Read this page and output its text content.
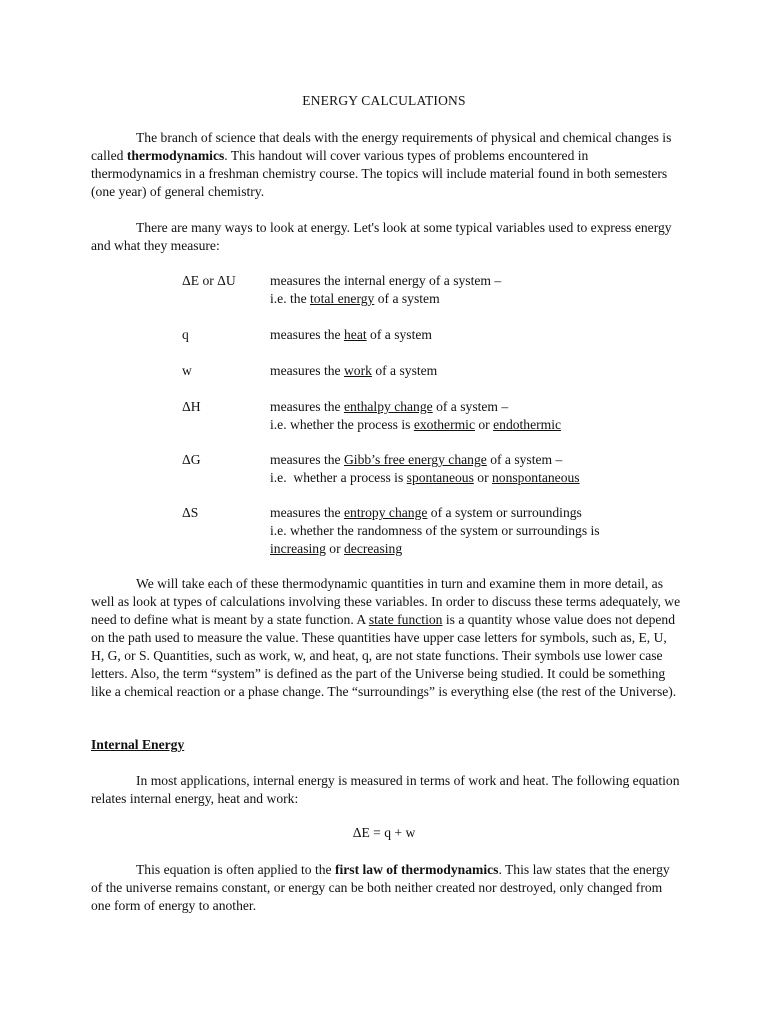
ENERGY CALCULATIONS

The branch of science that deals with the energy requirements of physical and chemical changes is called thermodynamics. This handout will cover various types of problems encountered in thermodynamics in a freshman chemistry course. The topics will include material found in both semesters (one year) of general chemistry.

There are many ways to look at energy. Let's look at some typical variables used to express energy and what they measure:

ΔE or ΔU	measures the internal energy of a system –
i.e. the total energy of a system
q	measures the heat of a system
w	measures the work of a system
ΔH	measures the enthalpy change of a system –
i.e. whether the process is exothermic or endothermic
ΔG	measures the Gibb’s free energy change of a system –
i.e.  whether a process is spontaneous or nonspontaneous
ΔS	measures the entropy change of a system or surroundings
i.e. whether the randomness of the system or surroundings is
increasing or decreasing

We will take each of these thermodynamic quantities in turn and examine them in more detail, as well as look at types of calculations involving these variables. In order to discuss these terms adequately, we need to define what is meant by a state function. A state function is a quantity whose value does not depend on the path used to measure the value. These quantities have upper case letters for symbols, such as, E, U, H, G, or S. Quantities, such as work, w, and heat, q, are not state functions. Their symbols use lower case letters. Also, the term “system” is defined as the part of the Universe being studied. It could be something like a chemical reaction or a phase change. The “surroundings” is everything else (the rest of the Universe).

Internal Energy

In most applications, internal energy is measured in terms of work and heat. The following equation relates internal energy, heat and work:

ΔE = q + w

This equation is often applied to the first law of thermodynamics. This law states that the energy of the universe remains constant, or energy can be both neither created nor destroyed, only changed from one form of energy to another.
